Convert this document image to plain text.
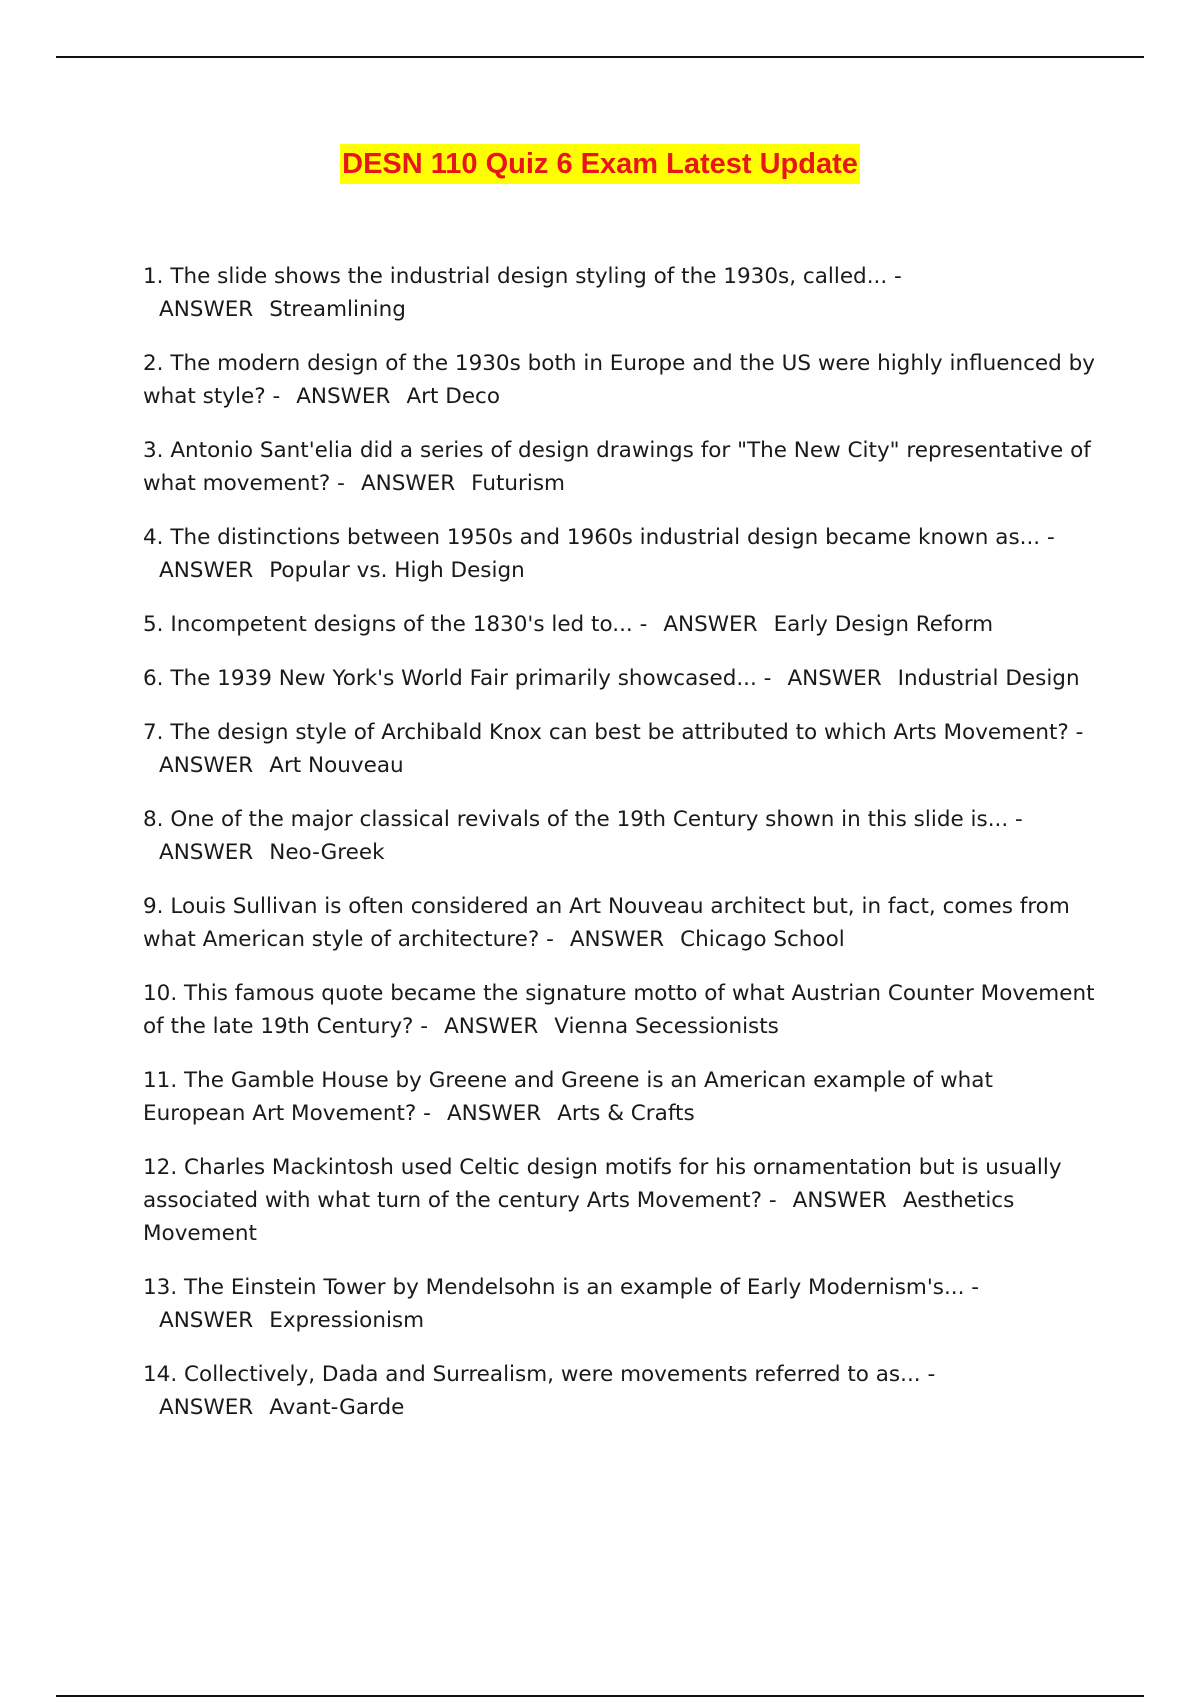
DESN 110 Quiz 6 Exam Latest Update

1. The slide shows the industrial design styling of the 1930s, called... -ANSWER Streamlining

2. The modern design of the 1930s both in Europe and the US were highly influenced by what style? - ANSWER Art Deco

3. Antonio Sant'elia did a series of design drawings for "The New City" representative of what movement? - ANSWER Futurism

4. The distinctions between 1950s and 1960s industrial design became known as... -ANSWER Popular vs. High Design

5. Incompetent designs of the 1830's led to... - ANSWER Early Design Reform

6. The 1939 New York's World Fair primarily showcased... - ANSWER Industrial Design

7. The design style of Archibald Knox can best be attributed to which Arts Movement? -ANSWER Art Nouveau

8. One of the major classical revivals of the 19th Century shown in this slide is... -ANSWER Neo-Greek

9. Louis Sullivan is often considered an Art Nouveau architect but, in fact, comes from what American style of architecture? - ANSWER Chicago School

10. This famous quote became the signature motto of what Austrian Counter Movement of the late 19th Century? - ANSWER Vienna Secessionists

11. The Gamble House by Greene and Greene is an American example of what European Art Movement? - ANSWER Arts & Crafts

12. Charles Mackintosh used Celtic design motifs for his ornamentation but is usually associated with what turn of the century Arts Movement? - ANSWER Aesthetics Movement

13. The Einstein Tower by Mendelsohn is an example of Early Modernism's... -ANSWER Expressionism

14. Collectively, Dada and Surrealism, were movements referred to as... -ANSWER Avant-Garde
